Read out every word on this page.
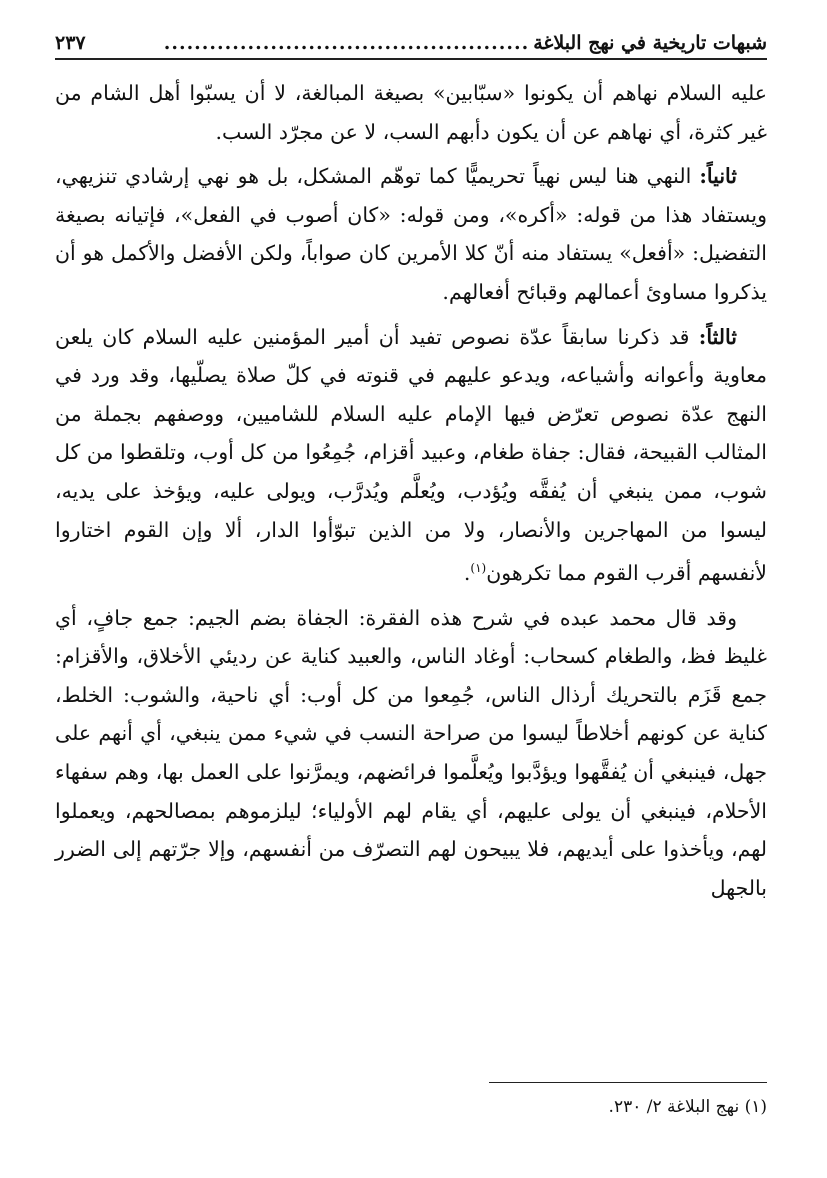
شبهات تاريخية في نهج البلاغة
................................................
٢٣٧

عليه السلام نهاهم أن يكونوا «سبّابين» بصيغة المبالغة، لا أن يسبّوا أهل الشام من غير كثرة، أي نهاهم عن أن يكون دأبهم السب، لا عن مجرّد السب.

ثانياً: النهي هنا ليس نهياً تحريميًّا كما توهّم المشكل، بل هو نهي إرشادي تنزيهي، ويستفاد هذا من قوله: «أكره»، ومن قوله: «كان أصوب في الفعل»، فإتيانه بصيغة التفضيل: «أفعل» يستفاد منه أنّ كلا الأمرين كان صواباً، ولكن الأفضل والأكمل هو أن يذكروا مساوئ أعمالهم وقبائح أفعالهم.

ثالثاً: قد ذكرنا سابقاً عدّة نصوص تفيد أن أمير المؤمنين عليه السلام كان يلعن معاوية وأعوانه وأشياعه، ويدعو عليهم في قنوته في كلّ صلاة يصلّيها، وقد ورد في النهج عدّة نصوص تعرّض فيها الإمام عليه السلام للشاميين، ووصفهم بجملة من المثالب القبيحة، فقال: جفاة طغام، وعبيد أقزام، جُمِعُوا من كل أوب، وتلقطوا من كل شوب، ممن ينبغي أن يُفقَّه ويُؤدب، ويُعلَّم ويُدرَّب، ويولى عليه، ويؤخذ على يديه، ليسوا من المهاجرين والأنصار، ولا من الذين تبوّأوا الدار، ألا وإن القوم اختاروا لأنفسهم أقرب القوم مما تكرهون$^{(١)}$.

وقد قال محمد عبده في شرح هذه الفقرة: الجفاة بضم الجيم: جمع جافٍ، أي غليظ فظ، والطغام كسحاب: أوغاد الناس، والعبيد كناية عن رديئي الأخلاق، والأقزام: جمع قَزَم بالتحريك أرذال الناس، جُمِعوا من كل أوب: أي ناحية، والشوب: الخلط، كناية عن كونهم أخلاطاً ليسوا من صراحة النسب في شيء ممن ينبغي، أي أنهم على جهل، فينبغي أن يُفقَّهوا ويؤدَّبوا ويُعلَّموا فرائضهم، ويمرَّنوا على العمل بها، وهم سفهاء الأحلام، فينبغي أن يولى عليهم، أي يقام لهم الأولياء؛ ليلزموهم بمصالحهم، ويعملوا لهم، ويأخذوا على أيديهم، فلا يبيحون لهم التصرّف من أنفسهم، وإلا جرّتهم إلى الضرر بالجهل

(١) نهج البلاغة ٢/ ٢٣٠.
